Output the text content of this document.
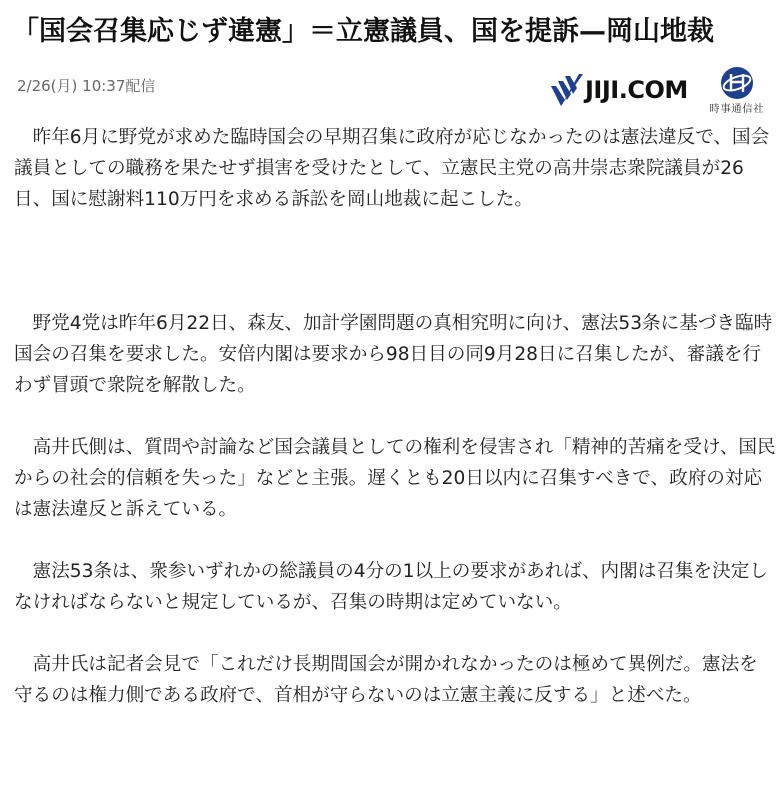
「国会召集応じず違憲」＝立憲議員、国を提訴—岡山地裁
2/26(月) 10:37配信	JIJI.COM
時事通信社

昨年6月に野党が求めた臨時国会の早期召集に政府が応じなかったのは憲法違反で、国会議員としての職務を果たせず損害を受けたとして、立憲民主党の高井崇志衆院議員が26日、国に慰謝料110万円を求める訴訟を岡山地裁に起こした。

野党4党は昨年6月22日、森友、加計学園問題の真相究明に向け、憲法53条に基づき臨時国会の召集を要求した。安倍内閣は要求から98日目の同9月28日に召集したが、審議を行わず冒頭で衆院を解散した。

高井氏側は、質問や討論など国会議員としての権利を侵害され「精神的苦痛を受け、国民からの社会的信頼を失った」などと主張。遅くとも20日以内に召集すべきで、政府の対応は憲法違反と訴えている。

憲法53条は、衆参いずれかの総議員の4分の1以上の要求があれば、内閣は召集を決定しなければならないと規定しているが、召集の時期は定めていない。

高井氏は記者会見で「これだけ長期間国会が開かれなかったのは極めて異例だ。憲法を守るのは権力側である政府で、首相が守らないのは立憲主義に反する」と述べた。
